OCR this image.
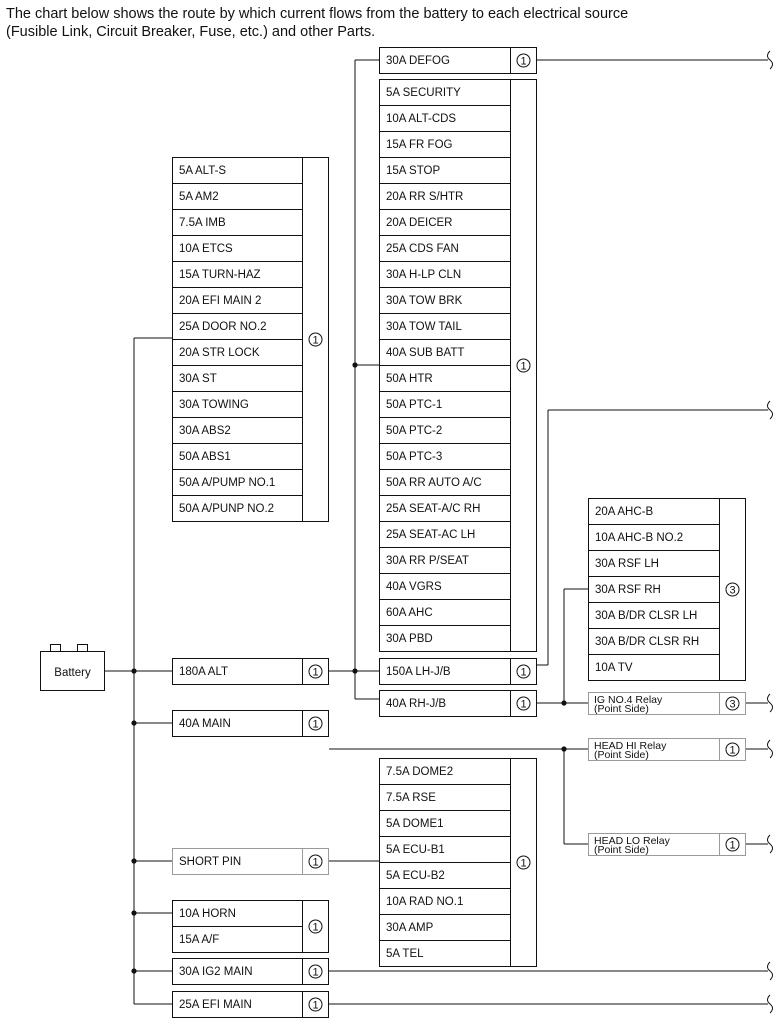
The chart below shows the route by which current flows from the battery to each electrical source
(Fusible Link, Circuit Breaker, Fuse, etc.) and other Parts.
Battery
5A ALT-S
5A AM2
7.5A IMB
10A ETCS
15A TURN-HAZ
20A EFI MAIN 2
25A DOOR NO.2
20A STR LOCK
30A ST
30A TOWING
30A ABS2
50A ABS1
50A A/PUMP NO.1
50A A/PUNP NO.2
1
30A DEFOG	1
5A SECURITY
10A ALT-CDS
15A FR FOG
15A STOP
20A RR S/HTR
20A DEICER
25A CDS FAN
30A H-LP CLN
30A TOW BRK
30A TOW TAIL
40A SUB BATT
50A HTR
50A PTC-1
50A PTC-2
50A PTC-3
50A RR AUTO A/C
25A SEAT-A/C RH
25A SEAT-AC LH
30A RR P/SEAT
40A VGRS
60A AHC
30A PBD
1
180A ALT	1	150A LH-J/B	1
40A RH-J/B	1
20A AHC-B
10A AHC-B NO.2
30A RSF LH
30A RSF RH
30A B/DR CLSR LH
30A B/DR CLSR RH
10A TV
3
40A MAIN	1
SHORT PIN	1
7.5A DOME2
7.5A RSE
5A DOME1
5A ECU-B1
5A ECU-B2
10A RAD NO.1
30A AMP
5A TEL
1
10A HORN
15A A/F
1
30A IG2 MAIN	1
25A EFI MAIN	1
IG NO.4 Relay
(Point Side)	3
HEAD HI Relay
(Point Side)	1
HEAD LO Relay
(Point Side)	1
